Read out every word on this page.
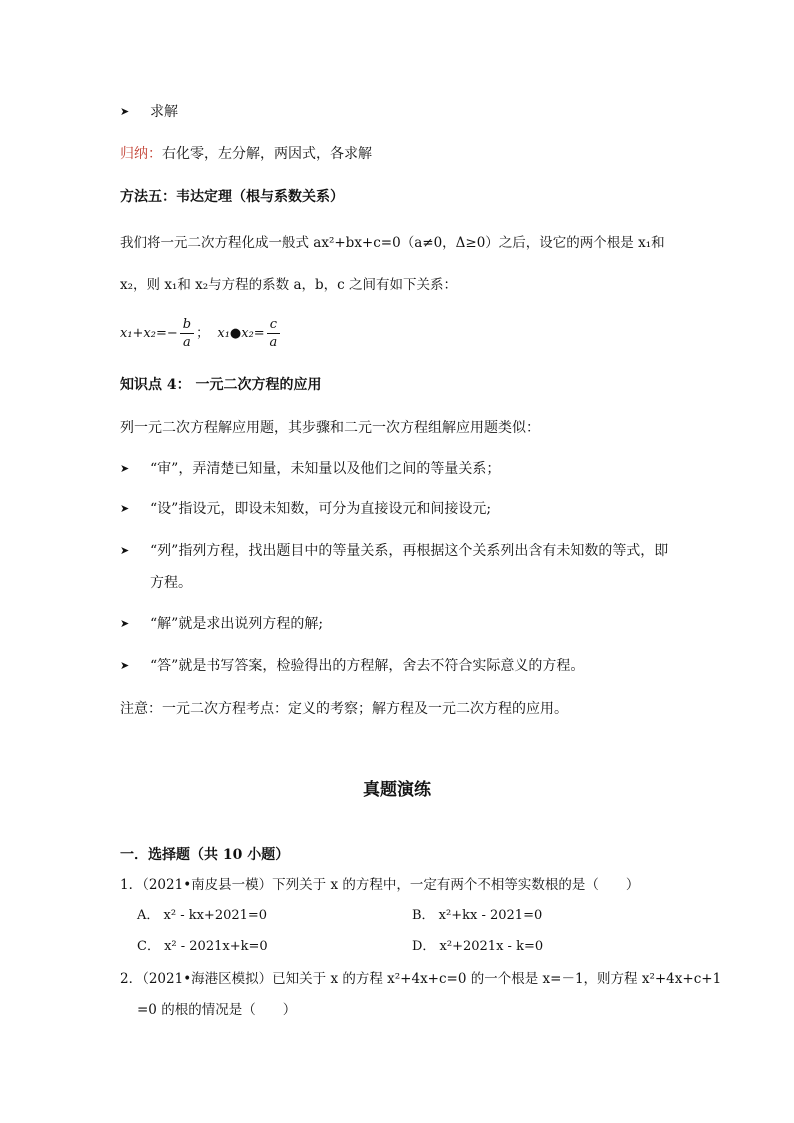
➤ 求解
归纳：右化零，左分解，两因式，各求解
方法五：韦达定理（根与系数关系）
我们将一元二次方程化成一般式 ax²+bx+c=0（a≠0，Δ≥0）之后，设它的两个根是 x₁和
x₂，则 x₁和 x₂与方程的系数 a，b，c 之间有如下关系：
$x_1+x_2=- \frac{b}{a}$ ； x₁●x₂= $\frac{c}{a}$
知识点 4： 一元二次方程的应用
列一元二次方程解应用题，其步骤和二元一次方程组解应用题类似：
➤ “审”，弄清楚已知量，未知量以及他们之间的等量关系；
➤ “设”指设元，即设未知数，可分为直接设元和间接设元;
➤ “列”指列方程，找出题目中的等量关系，再根据这个关系列出含有未知数的等式，即
方程。
➤ “解”就是求出说列方程的解;
➤ “答”就是书写答案，检验得出的方程解，舍去不符合实际意义的方程。
注意：一元二次方程考点：定义的考察；解方程及一元二次方程的应用。
真题演练
一．选择题（共 10 小题）
1．（2021•南皮县一模）下列关于 x 的方程中，一定有两个不相等实数根的是（　　）
A． x² - kx+2021=0	B． x²+kx - 2021=0
C． x² - 2021x+k=0	D． x²+2021x - k=0
2．（2021•海港区模拟）已知关于 x 的方程 x²+4x+c=0 的一个根是 x=－1，则方程 x²+4x+c+1
=0 的根的情况是（　　）
